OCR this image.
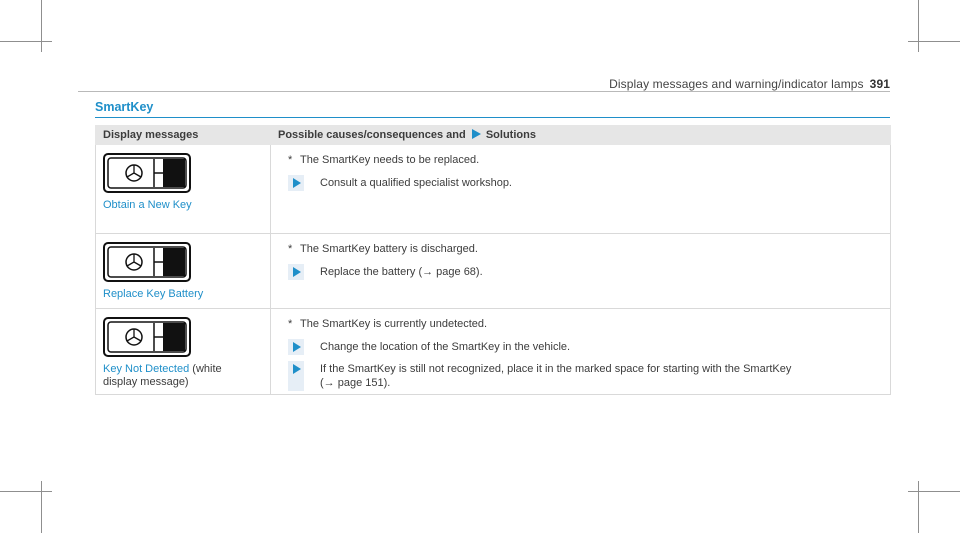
Display messages and warning/indicator lamps 391
SmartKey
Display messages	Possible causes/consequences and Solutions

Obtain a New Key	* The SmartKey needs to be replaced.
Consult a qualified specialist workshop.

Replace Key Battery	* The SmartKey battery is discharged.
Replace the battery (→ page 68).

Key Not Detected (white display message)	* The SmartKey is currently undetected.
Change the location of the SmartKey in the vehicle.
If the SmartKey is still not recognized, place it in the marked space for starting with the SmartKey
(→ page 151).
